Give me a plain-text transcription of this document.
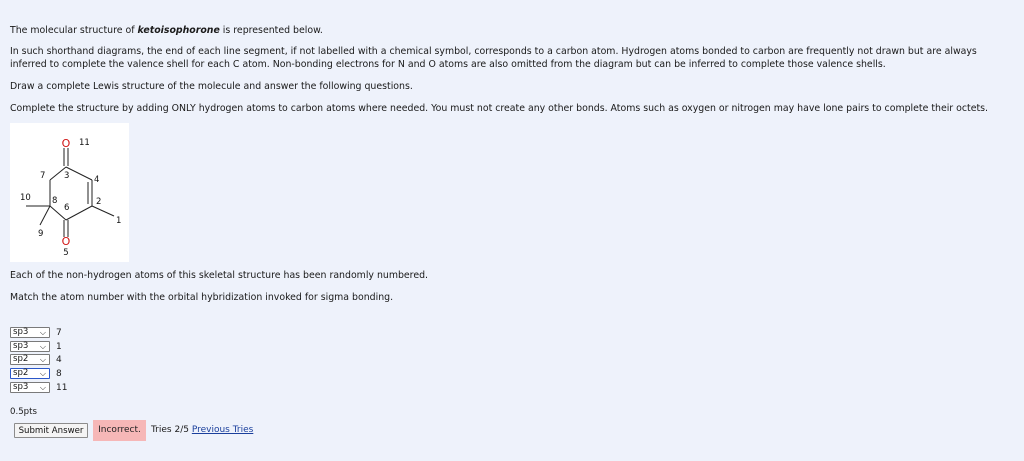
The molecular structure of ketoisophorone is represented below.

In such shorthand diagrams, the end of each line segment, if not labelled with a chemical symbol, corresponds to a carbon atom. Hydrogen atoms bonded to carbon are frequently not drawn but are always inferred to complete the valence shell for each C atom. Non-bonding electrons for N and O atoms are also omitted from the diagram but can be inferred to complete those valence shells.

Draw a complete Lewis structure of the molecule and answer the following questions.

Complete the structure by adding ONLY hydrogen atoms to carbon atoms where needed. You must not create any other bonds. Atoms such as oxygen or nitrogen may have lone pairs to complete their octets.

O 11
7 3	4
10 8
6
2
1
9
O
5

Each of the non-hydrogen atoms of this skeletal structure has been randomly numbered.

Match the atom number with the orbital hybridization invoked for sigma bonding.

sp3 ⌵ 7
sp3 ⌵ 1
sp2 ⌵ 4
sp2 ⌵ 8
sp3 ⌵ 11
0.5pts
Submit Answer	Incorrect.	Tries 2/5 Previous Tries
